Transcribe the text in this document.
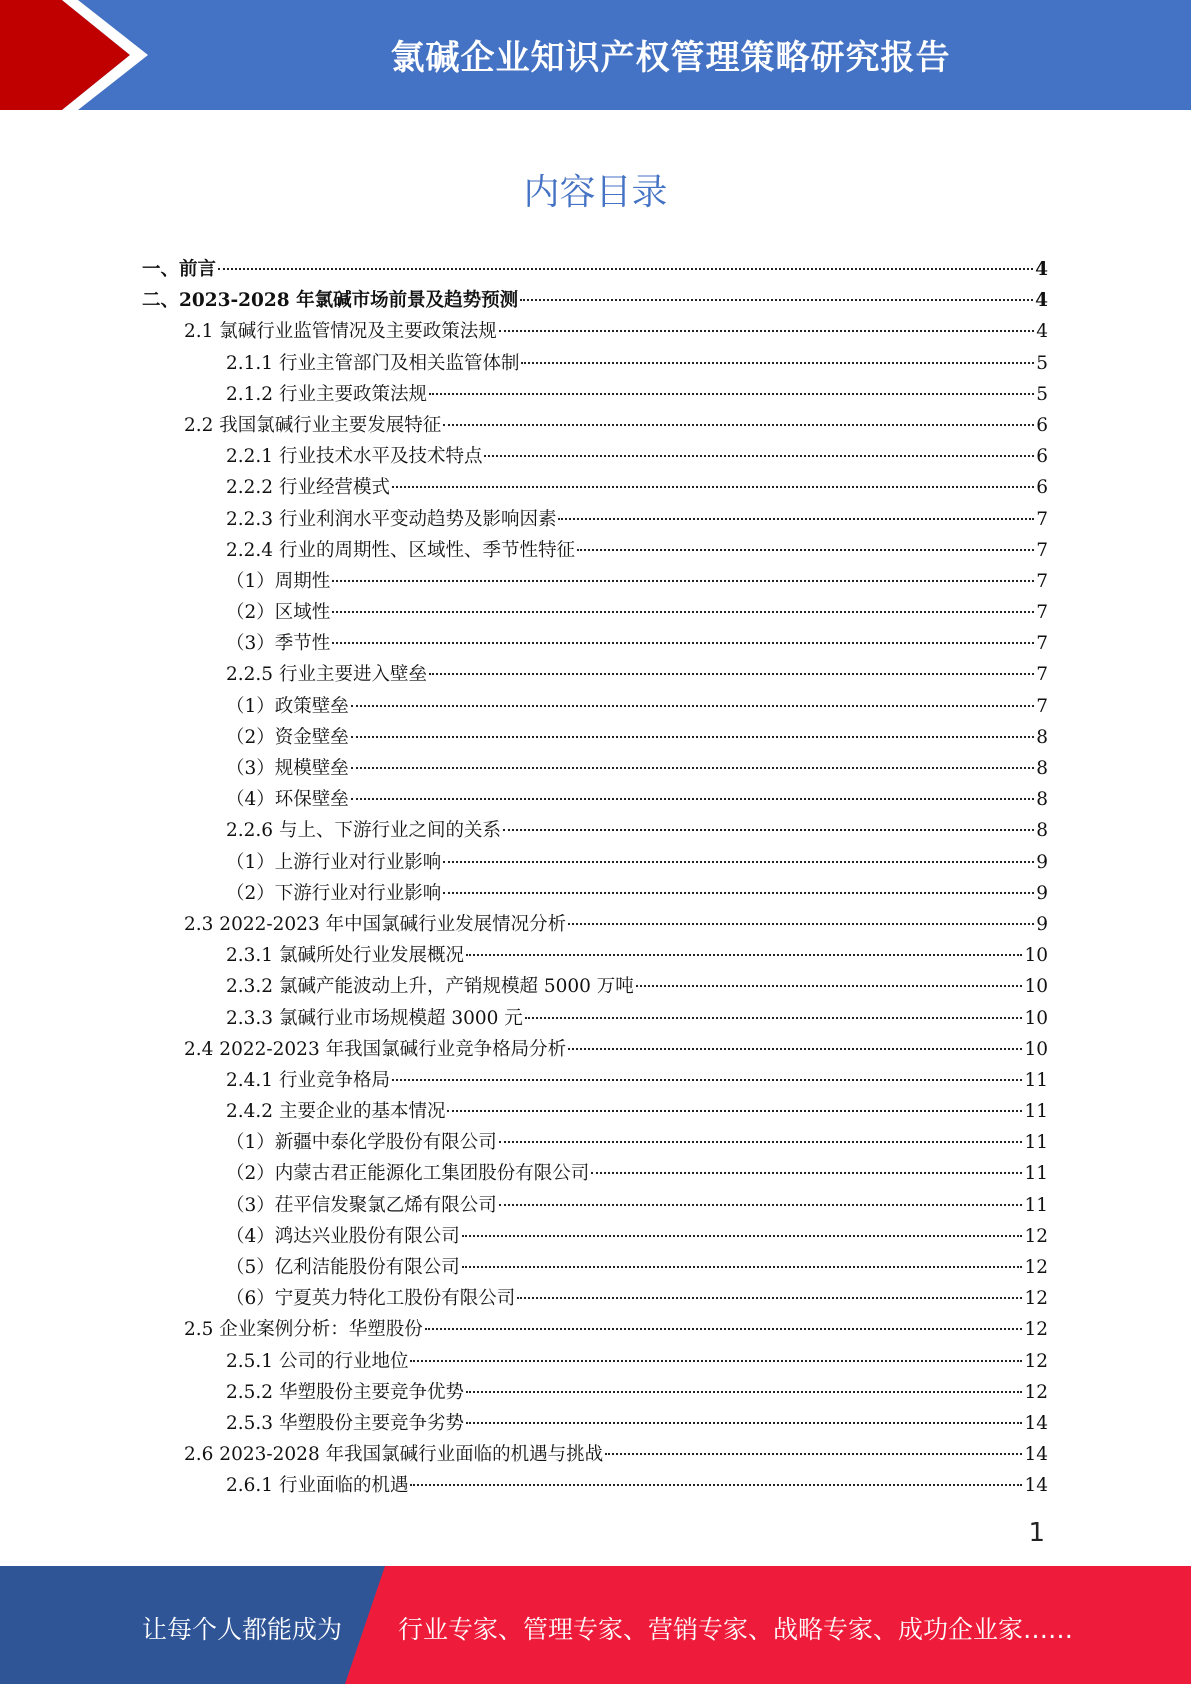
氯碱企业知识产权管理策略研究报告
内容目录
一、前言	4
二、2023-2028 年氯碱市场前景及趋势预测	4
2.1 氯碱行业监管情况及主要政策法规	4
2.1.1 行业主管部门及相关监管体制	5
2.1.2 行业主要政策法规	5
2.2 我国氯碱行业主要发展特征	6
2.2.1 行业技术水平及技术特点	6
2.2.2 行业经营模式	6
2.2.3 行业利润水平变动趋势及影响因素	7
2.2.4 行业的周期性、区域性、季节性特征	7
（1）周期性	7
（2）区域性	7
（3）季节性	7
2.2.5 行业主要进入壁垒	7
（1）政策壁垒	7
（2）资金壁垒	8
（3）规模壁垒	8
（4）环保壁垒	8
2.2.6 与上、下游行业之间的关系	8
（1）上游行业对行业影响	9
（2）下游行业对行业影响	9
2.3 2022-2023 年中国氯碱行业发展情况分析	9
2.3.1 氯碱所处行业发展概况	10
2.3.2 氯碱产能波动上升，产销规模超 5000 万吨	10
2.3.3 氯碱行业市场规模超 3000 元	10
2.4 2022-2023 年我国氯碱行业竞争格局分析	10
2.4.1 行业竞争格局	11
2.4.2 主要企业的基本情况	11
（1）新疆中泰化学股份有限公司	11
（2）内蒙古君正能源化工集团股份有限公司	11
（3）茌平信发聚氯乙烯有限公司	11
（4）鸿达兴业股份有限公司	12
（5）亿利洁能股份有限公司	12
（6）宁夏英力特化工股份有限公司	12
2.5 企业案例分析：华塑股份	12
2.5.1 公司的行业地位	12
2.5.2 华塑股份主要竞争优势	12
2.5.3 华塑股份主要竞争劣势	14
2.6 2023-2028 年我国氯碱行业面临的机遇与挑战	14
2.6.1 行业面临的机遇	14
1
让每个人都能成为 行业专家、管理专家、营销专家、战略专家、成功企业家……
